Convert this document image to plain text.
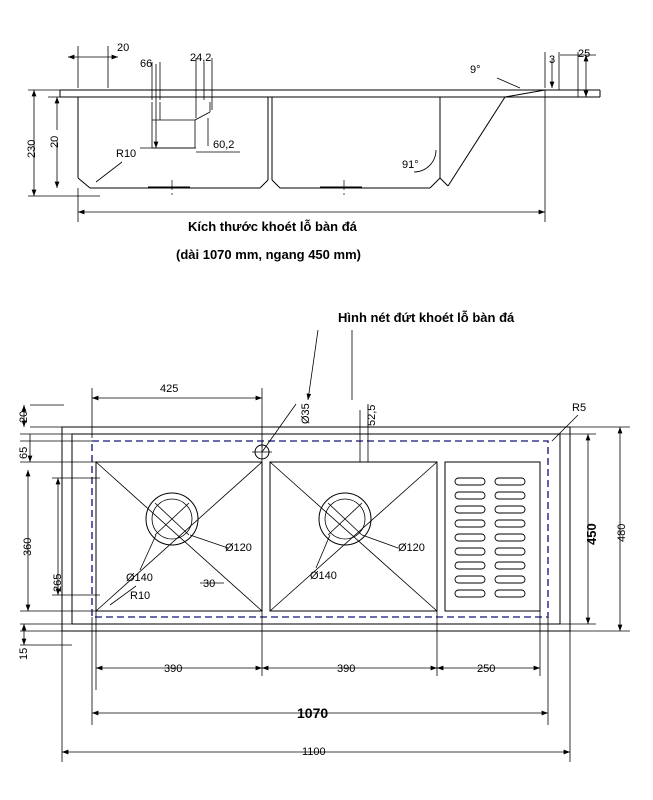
20
66	24,2
9°
3 25
230 20
R10
60,2
91°
Kích thước khoét lỗ bàn đá
(dài 1070 mm, ngang 450 mm)
Hình nét đứt khoét lỗ bàn đá
20
425
Ø35	52,5	R5
65
360
265
15
Ø120
Ø140
R10
30
Ø120
Ø140
450 480
390	390	250
1070
1100
